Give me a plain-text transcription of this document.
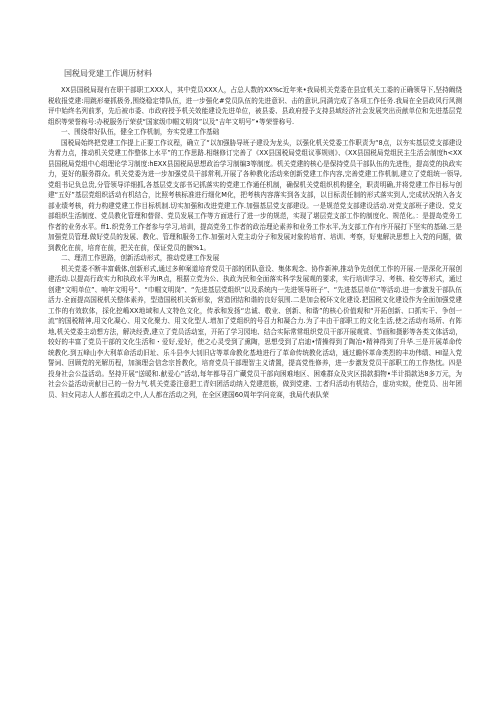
国税局党建工作调历材料

XX县国税局现有在职干部职工XXX人，其中党员XXX人，占总人数的XX%c近年来•我局机关党委在县宜机关工委的正确领导下,坚持阚绕税收报党建:用跳形豪抓极务,围绕稳定带队伍，进一步强化#党员队伍的先进意识、击的意识,同满完成了各项工作任务.我局在全县政风行风测评中始终名列前茅，先后被市委、市政府授予机关效能建设先进单位，被县委、县政府授予支持县域经济社会发展突出贡献单位和先进基层党组织等荣誉称号:办税服务厅荣获“国家级巾帼文明岗”以及“吉年文明号”•等荣誉称号.

一、围绕带好队伍，健全工作机制，夯实党建工作基础

国税局始终把党建工作提上正要工作议程，确立了“以加强胁导班子建设为龙头，以强化机关党委工作职责为“8点，以夯实基层党支部建设为着力点，推动机关党建工作整体上水平”的工作思路.相继修订完善了《XX县国税局党组议事规则》、《XX县国税局党组民主生活会制度h<XX县国税局党组中心组理论学习制度:hEXX县国税局思想政治学习制编3等制度。机关党建的核心是保持党员干部队伍的先进性，提高党的执政实力，更好的服务群众。机关党委为进一步加强党员干部常利,开展了各种教化活动来创新党建工作内容,完善党建工作机制,建立了党组统一领导,党组书记负总贵,分管领导详细抓,各基层党支部书记抓落实的党建工作通任机制，确保机关党组织机构健全，职责明确,并将党建工作目标与创建“五好”基层党组织活动有机结合，比照考核标准进行细化M化，把考核内容落实到各支部，以目标责任制的形式落实到人,完成状况纳入各支部业绩考核，荷力构建党建工作目标机制.切实加强和改进党建工作.加强基层党支部建设。一是规范党支部建设活动.对党支部班子建设、党支部组织生活制度、党员教化管理和替督、党员发展工作等方面进行了进一步的规范，实现了堪层党支部工作的制度化、规范化。：是提岛党务工作者的业务水平。ff1.织党务工作者参与学习,培训，提高党务工作者的政治理论素养和业务工作水平,为支部工作有序开展打下坚实的基础.三是加强党员管理.做好党员的发展、教化、管理和服务工作.加强对入党主动分子和发展对象的培育、培训、考察，好鬼解决思想上入党的问题，做到教化在前，培育在前，把关在前，保证党员的骸%1。

二、理清工作思路，创新活动形式，推动党建工作发展

机关党委不断丰富载体,创新形式,通过多种案道培育党员干部的团队意设、集体观念、协作新神,推动争先创优工作的开展.一是深化开展创建活动.以提高行政实力和执政水平为IR点，根据立党为公、执政为民和全面落实科学发展观的要求，实行培训学习、考核、检交等形式，通过创建“文明单位”、响年文明号”、“巾帼文明岗”、“先进基层党组织”以及系统内一先进领导班子”、“先进基层单位”等活动.进一步激发干部队伍活力.全面提高国税机关整体素养，型造国税机关新形象，营造团结和谐的良好氛围.二是加会税环文化建设.把国税文化建设作为全面加强党建工作的有效软体，採化挖嶋XX地域和人文特色文化，传承和发扬“忠诚、敬业、创新、和谐”的核心价值观和“开拓创新、口抓实干、争创一流”的国税精神,用文化凝心、用文化聚力、用文化型人.增加了党组织的号召力和凝合力.为了丰由干部职工的文化生活,使之活动有场所、有阵地,机关党委主动想方法，解决经费,建立了党员活动室，开拓了学习园地、结合实际常常组织党员干部开展观赏、节画和摄影等各类文体活动，较好的丰富了党员干部的文化生活和・爱好,爱好，使之心灵受到了熏陶，思想受到了启迪•情操得到了陶冶•精神得到了升华.三是开展革命传统教化.到五峰山李大利革命活动旧址、乐斗县李大钊旧店等革命教化基地进行了革命传统教化活动，通过瞻怀革命类烈的丰功伟绩、HI湿入党誓词、回顾党的光解历程，加演理会信念宗旨教化，培育党员干部理智主义请置，提高党性修养，进一步激发党员干部职工的工作热忱。四是投身社会公益活动。坚持开展“送暖和.献爱心”活动,每年都导召广藏党员干部向困难地区、困难群众及灾区捐款捐物•半计捐款达8多万元，为社会公益活动贡献目己的一份力气.机关党委注意把工青妇团活动纳入党建范筋，做到党建、工者归活动有机结合，虚功实蚁，使党员、出年团员、妇女同志人人都在孤动之中,人人都在活动之列，在全区建国60周年学问竞赛，我局代表队荣
